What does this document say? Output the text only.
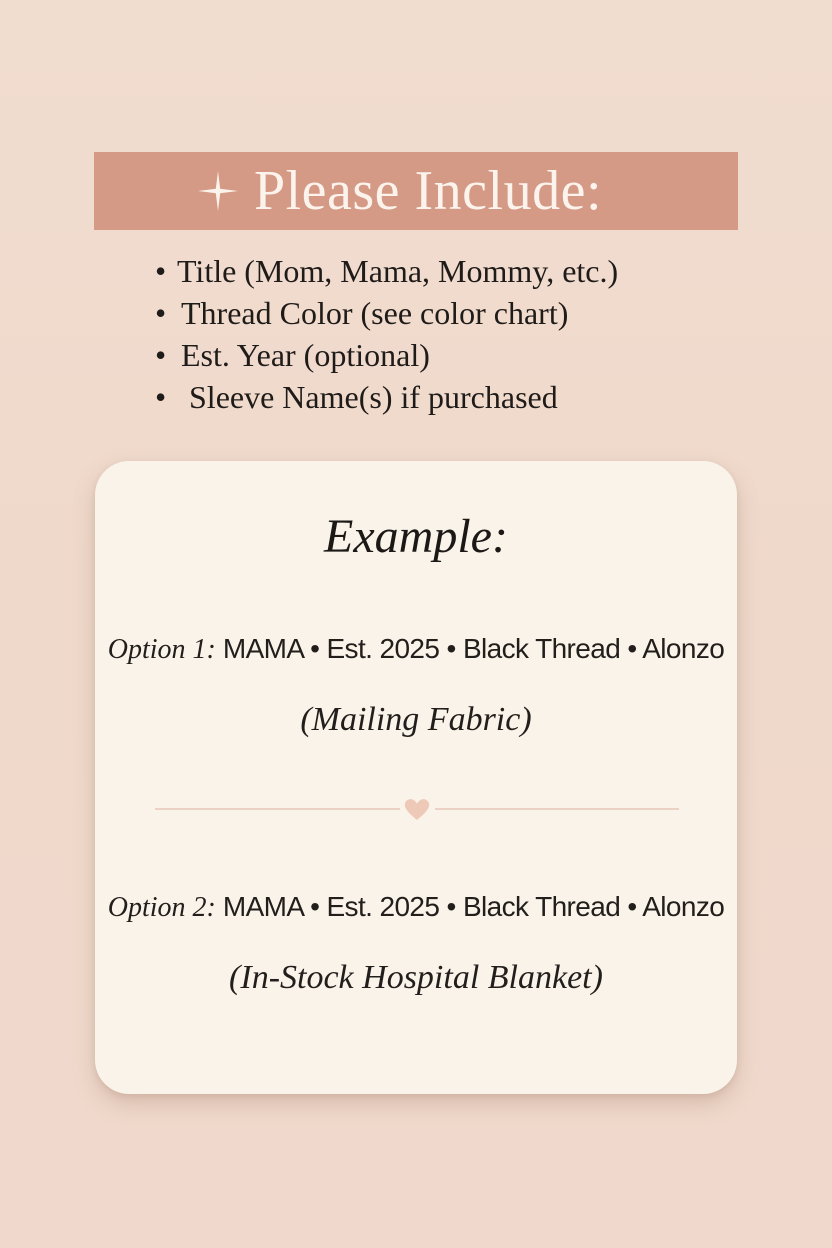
Please Include:
• Title (Mom, Mama, Mommy, etc.)
• Thread Color (see color chart)
• Est. Year (optional)
• Sleeve Name(s) if purchased
Example:
Option 1: MAMA • Est. 2025 • Black Thread • Alonzo
(Mailing Fabric)
Option 2: MAMA • Est. 2025 • Black Thread • Alonzo
(In-Stock Hospital Blanket)
